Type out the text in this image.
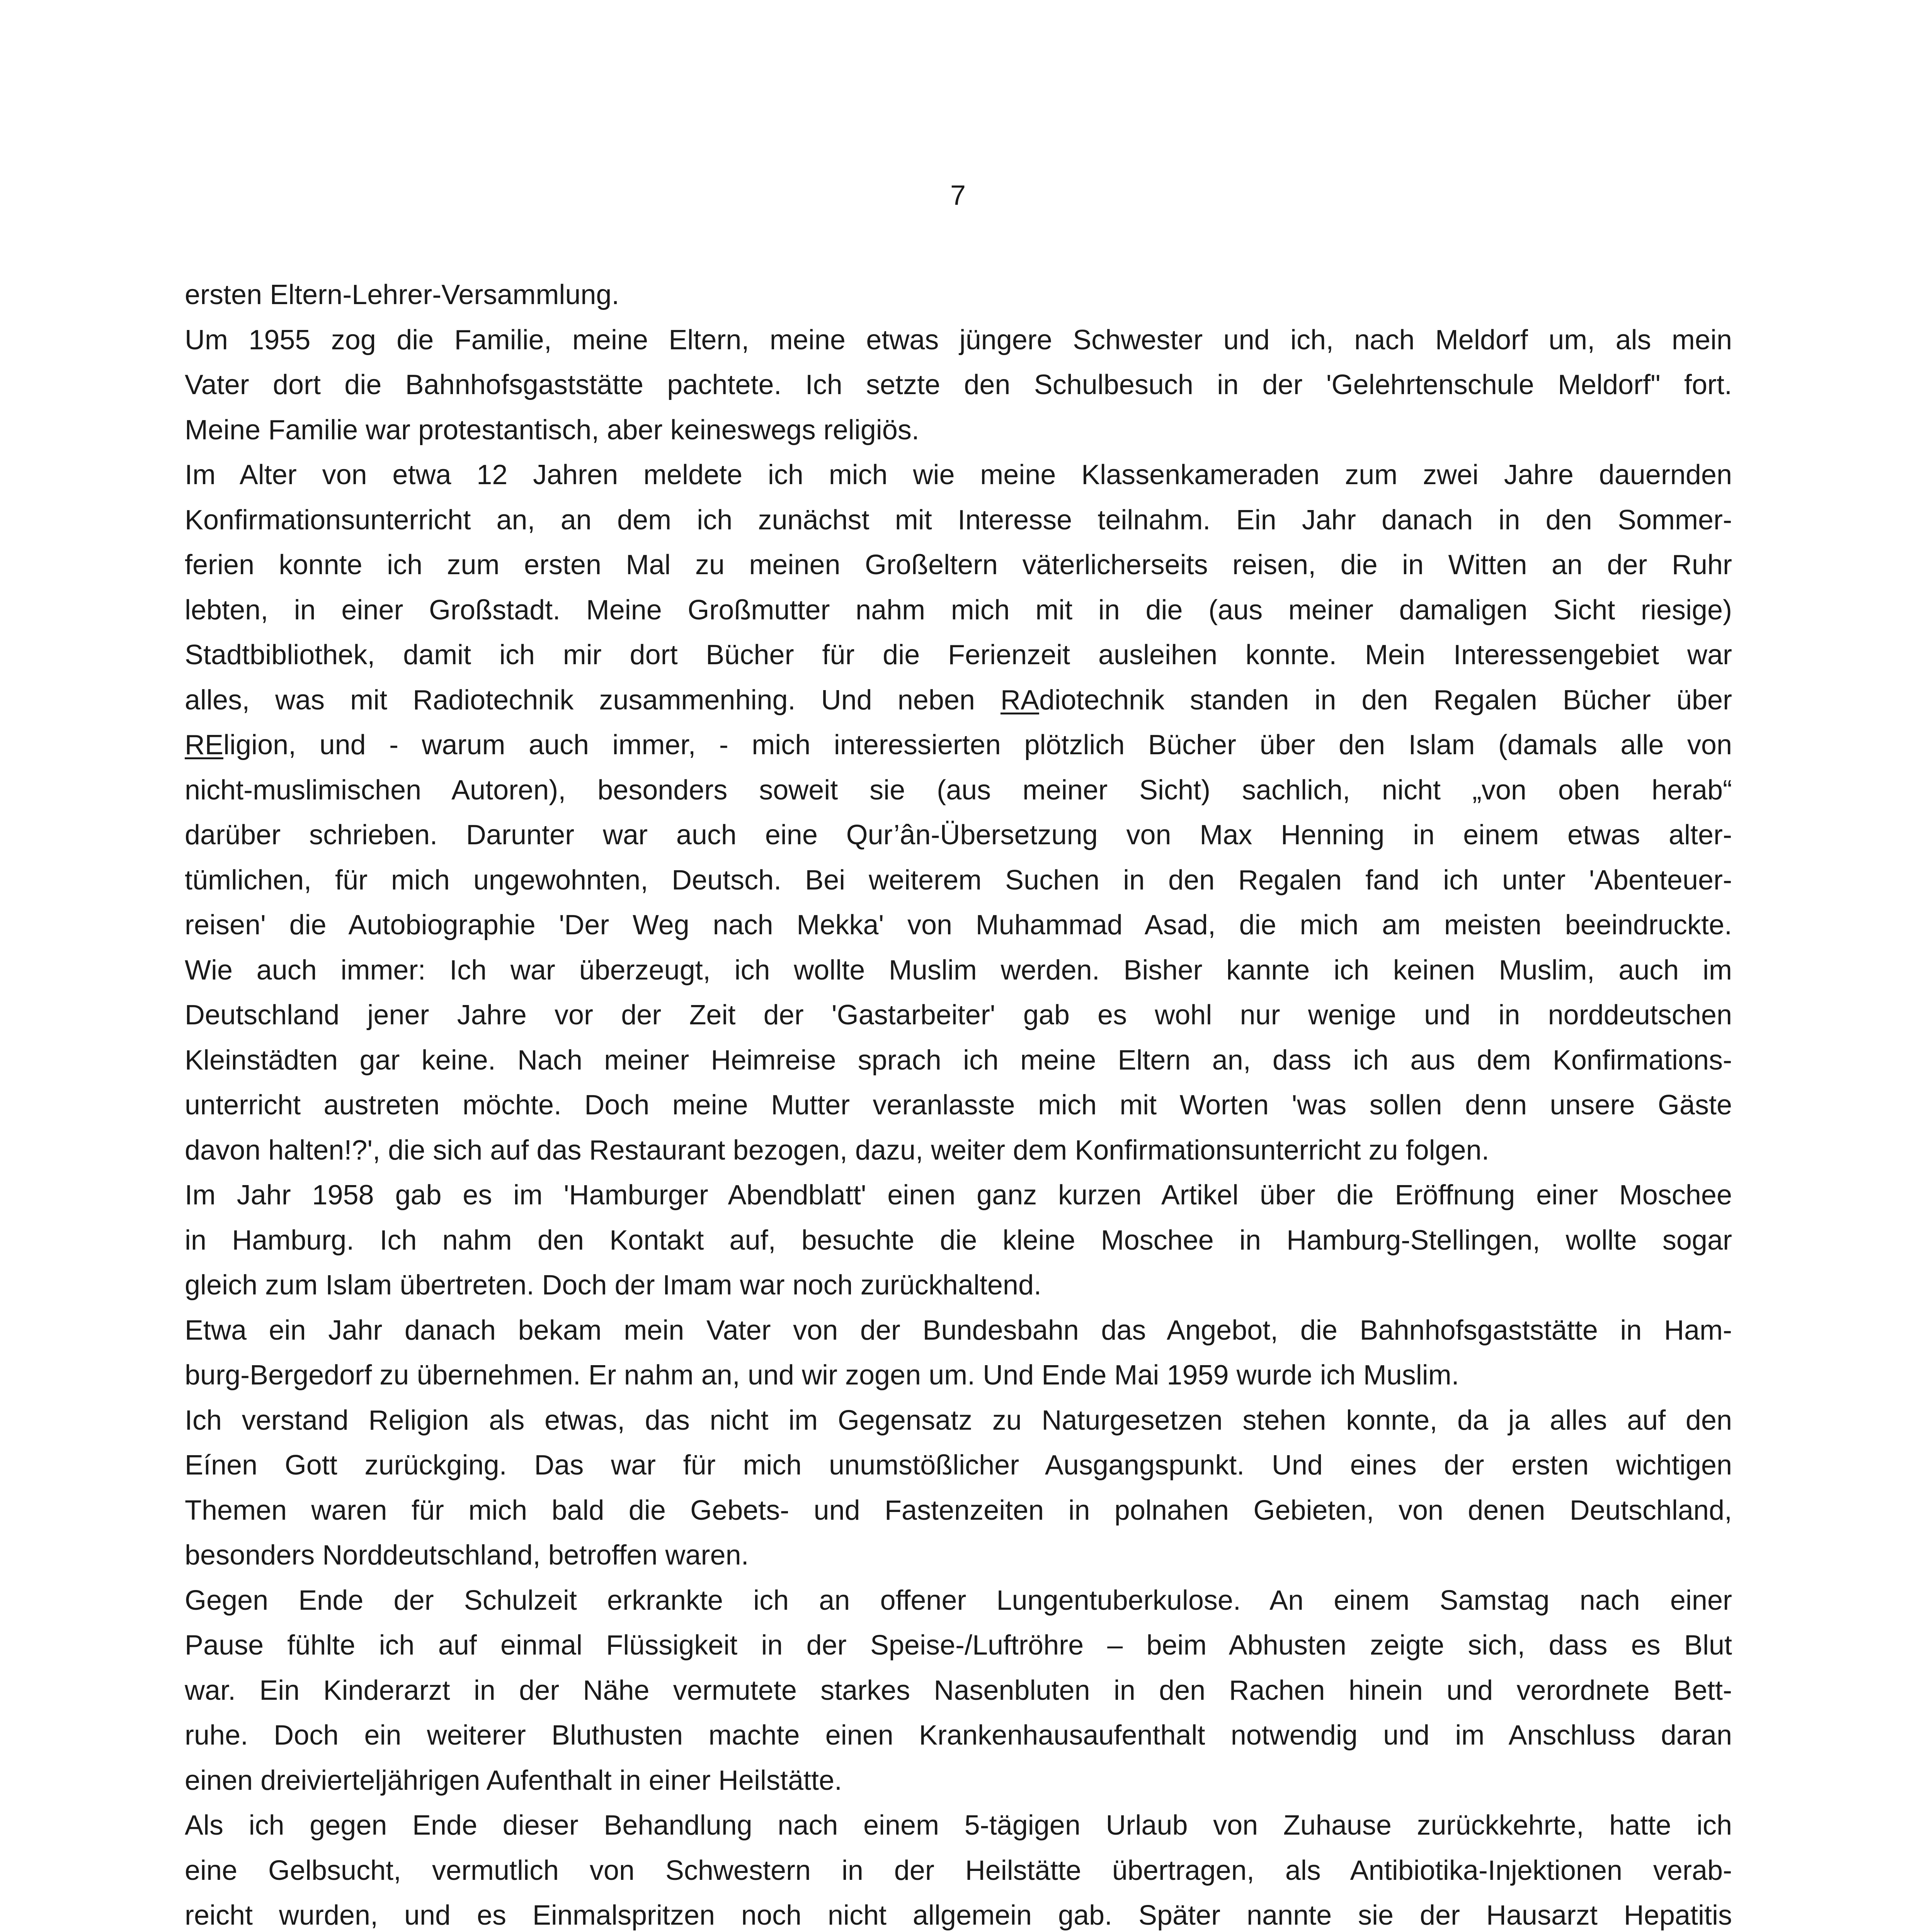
7
ersten Eltern-Lehrer-Versammlung.
Um 1955 zog die Familie, meine Eltern, meine etwas jüngere Schwester und ich, nach Meldorf um, als mein
Vater dort die Bahnhofsgaststätte pachtete. Ich setzte den Schulbesuch in der 'Gelehrtenschule Meldorf" fort.
Meine Familie war protestantisch, aber keineswegs religiös.
Im Alter von etwa 12 Jahren meldete ich mich wie meine Klassenkameraden zum zwei Jahre dauernden
Konfirmationsunterricht an, an dem ich zunächst mit Interesse teilnahm. Ein Jahr danach in den Sommer-
ferien konnte ich zum ersten Mal zu meinen Großeltern väterlicherseits reisen, die in Witten an der Ruhr
lebten, in einer Großstadt. Meine Großmutter nahm mich mit in die (aus meiner damaligen Sicht riesige)
Stadtbibliothek, damit ich mir dort Bücher für die Ferienzeit ausleihen konnte. Mein Interessengebiet war
alles, was mit Radiotechnik zusammenhing. Und neben RAdiotechnik standen in den Regalen Bücher über
REligion, und - warum auch immer, - mich interessierten plötzlich Bücher über den Islam (damals alle von
nicht-muslimischen Autoren), besonders soweit sie (aus meiner Sicht) sachlich, nicht „von oben herab“
darüber schrieben. Darunter war auch eine Qur’ân-Übersetzung von Max Henning in einem etwas alter-
tümlichen, für mich ungewohnten, Deutsch. Bei weiterem Suchen in den Regalen fand ich unter 'Abenteuer-
reisen' die Autobiographie 'Der Weg nach Mekka' von Muhammad Asad, die mich am meisten beeindruckte.
Wie auch immer: Ich war überzeugt, ich wollte Muslim werden. Bisher kannte ich keinen Muslim, auch im
Deutschland jener Jahre vor der Zeit der 'Gastarbeiter' gab es wohl nur wenige und in norddeutschen
Kleinstädten gar keine. Nach meiner Heimreise sprach ich meine Eltern an, dass ich aus dem Konfirmations-
unterricht austreten möchte. Doch meine Mutter veranlasste mich mit Worten 'was sollen denn unsere Gäste
davon halten!?', die sich auf das Restaurant bezogen, dazu, weiter dem Konfirmationsunterricht zu folgen.
Im Jahr 1958 gab es im 'Hamburger Abendblatt' einen ganz kurzen Artikel über die Eröffnung einer Moschee
in Hamburg. Ich nahm den Kontakt auf, besuchte die kleine Moschee in Hamburg-Stellingen, wollte sogar
gleich zum Islam übertreten. Doch der Imam war noch zurückhaltend.
Etwa ein Jahr danach bekam mein Vater von der Bundesbahn das Angebot, die Bahnhofsgaststätte in Ham-
burg-Bergedorf zu übernehmen. Er nahm an, und wir zogen um. Und Ende Mai 1959 wurde ich Muslim.
Ich verstand Religion als etwas, das nicht im Gegensatz zu Naturgesetzen stehen konnte, da ja alles auf den
Eínen Gott zurückging. Das war für mich unumstößlicher Ausgangspunkt. Und eines der ersten wichtigen
Themen waren für mich bald die Gebets- und Fastenzeiten in polnahen Gebieten, von denen Deutschland,
besonders Norddeutschland, betroffen waren.
Gegen Ende der Schulzeit erkrankte ich an offener Lungentuberkulose. An einem Samstag nach einer
Pause fühlte ich auf einmal Flüssigkeit in der Speise-/Luftröhre – beim Abhusten zeigte sich, dass es Blut
war. Ein Kinderarzt in der Nähe vermutete starkes Nasenbluten in den Rachen hinein und verordnete Bett-
ruhe. Doch ein weiterer Bluthusten machte einen Krankenhausaufenthalt notwendig und im Anschluss daran
einen dreivierteljährigen Aufenthalt in einer Heilstätte.
Als ich gegen Ende dieser Behandlung nach einem 5-tägigen Urlaub von Zuhause zurückkehrte, hatte ich
eine Gelbsucht, vermutlich von Schwestern in der Heilstätte übertragen, als Antibiotika-Injektionen verab-
reicht wurden, und es Einmalspritzen noch nicht allgemein gab. Später nannte sie der Hausarzt Hepatitis
